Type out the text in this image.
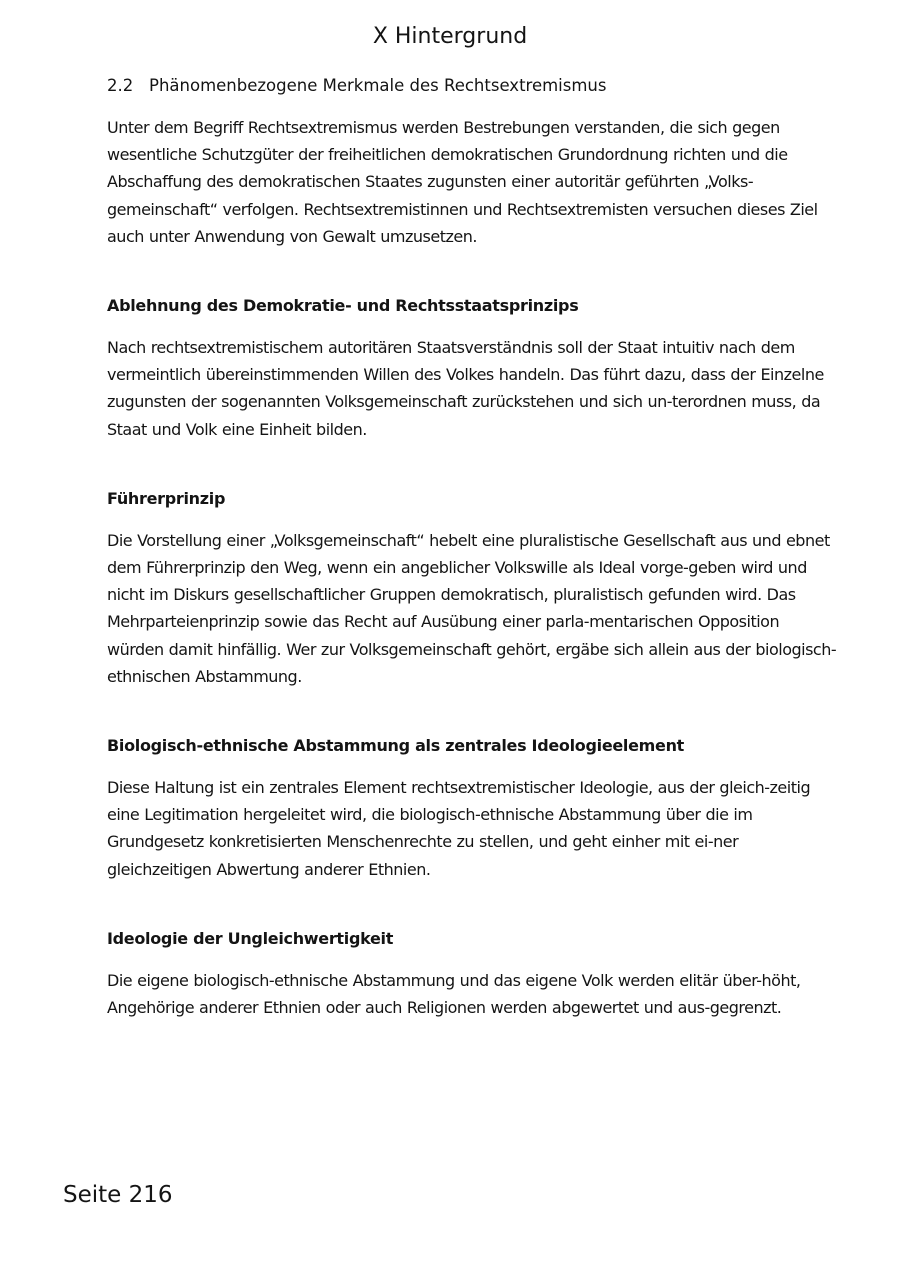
X Hintergrund
2.2 Phänomenbezogene Merkmale des Rechtsextremismus

Unter dem Begriff Rechtsextremismus werden Bestrebungen verstanden, die sich gegen wesentliche Schutzgüter der freiheitlichen demokratischen Grundordnung richten und die Abschaffung des demokratischen Staates zugunsten einer autoritär geführten „Volks-gemeinschaft“ verfolgen. Rechtsextremistinnen und Rechtsextremisten versuchen dieses Ziel auch unter Anwendung von Gewalt umzusetzen.

Ablehnung des Demokratie- und Rechtsstaatsprinzips

Nach rechtsextremistischem autoritären Staatsverständnis soll der Staat intuitiv nach dem vermeintlich übereinstimmenden Willen des Volkes handeln. Das führt dazu, dass der Einzelne zugunsten der sogenannten Volksgemeinschaft zurückstehen und sich un-terordnen muss, da Staat und Volk eine Einheit bilden.

Führerprinzip

Die Vorstellung einer „Volksgemeinschaft“ hebelt eine pluralistische Gesellschaft aus und ebnet dem Führerprinzip den Weg, wenn ein angeblicher Volkswille als Ideal vorge-geben wird und nicht im Diskurs gesellschaftlicher Gruppen demokratisch, pluralistisch gefunden wird. Das Mehrparteienprinzip sowie das Recht auf Ausübung einer parla-mentarischen Opposition würden damit hinfällig. Wer zur Volksgemeinschaft gehört, ergäbe sich allein aus der biologisch-ethnischen Abstammung.

Biologisch-ethnische Abstammung als zentrales Ideologieelement

Diese Haltung ist ein zentrales Element rechtsextremistischer Ideologie, aus der gleich-zeitig eine Legitimation hergeleitet wird, die biologisch-ethnische Abstammung über die im Grundgesetz konkretisierten Menschenrechte zu stellen, und geht einher mit ei-ner gleichzeitigen Abwertung anderer Ethnien.

Ideologie der Ungleichwertigkeit

Die eigene biologisch-ethnische Abstammung und das eigene Volk werden elitär über-höht, Angehörige anderer Ethnien oder auch Religionen werden abgewertet und aus-gegrenzt.

Seite 216
